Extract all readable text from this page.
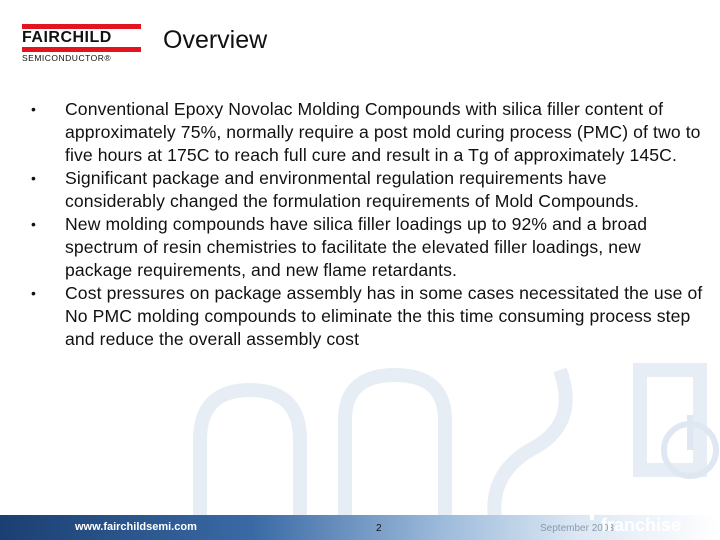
FAIRCHILD
SEMICONDUCTOR®
Overview
• Conventional Epoxy Novolac Molding Compounds with silica filler content of approximately 75%, normally require a post mold curing process (PMC) of two to five hours at 175C to reach full cure and result in a Tg of approximately 145C.
• Significant package and environmental regulation requirements have considerably changed the formulation requirements of Mold Compounds.
• New molding compounds have silica filler loadings up to 92% and a broad spectrum of resin chemistries to facilitate the elevated filler loadings, new package requirements, and new flame retardants.
• Cost pressures on package assembly has in some cases necessitated the use of No PMC molding compounds to eliminate the this time consuming process step and reduce the overall assembly cost
www.fairchildsemi.com	2	2	September 2003
the
power
franchise
